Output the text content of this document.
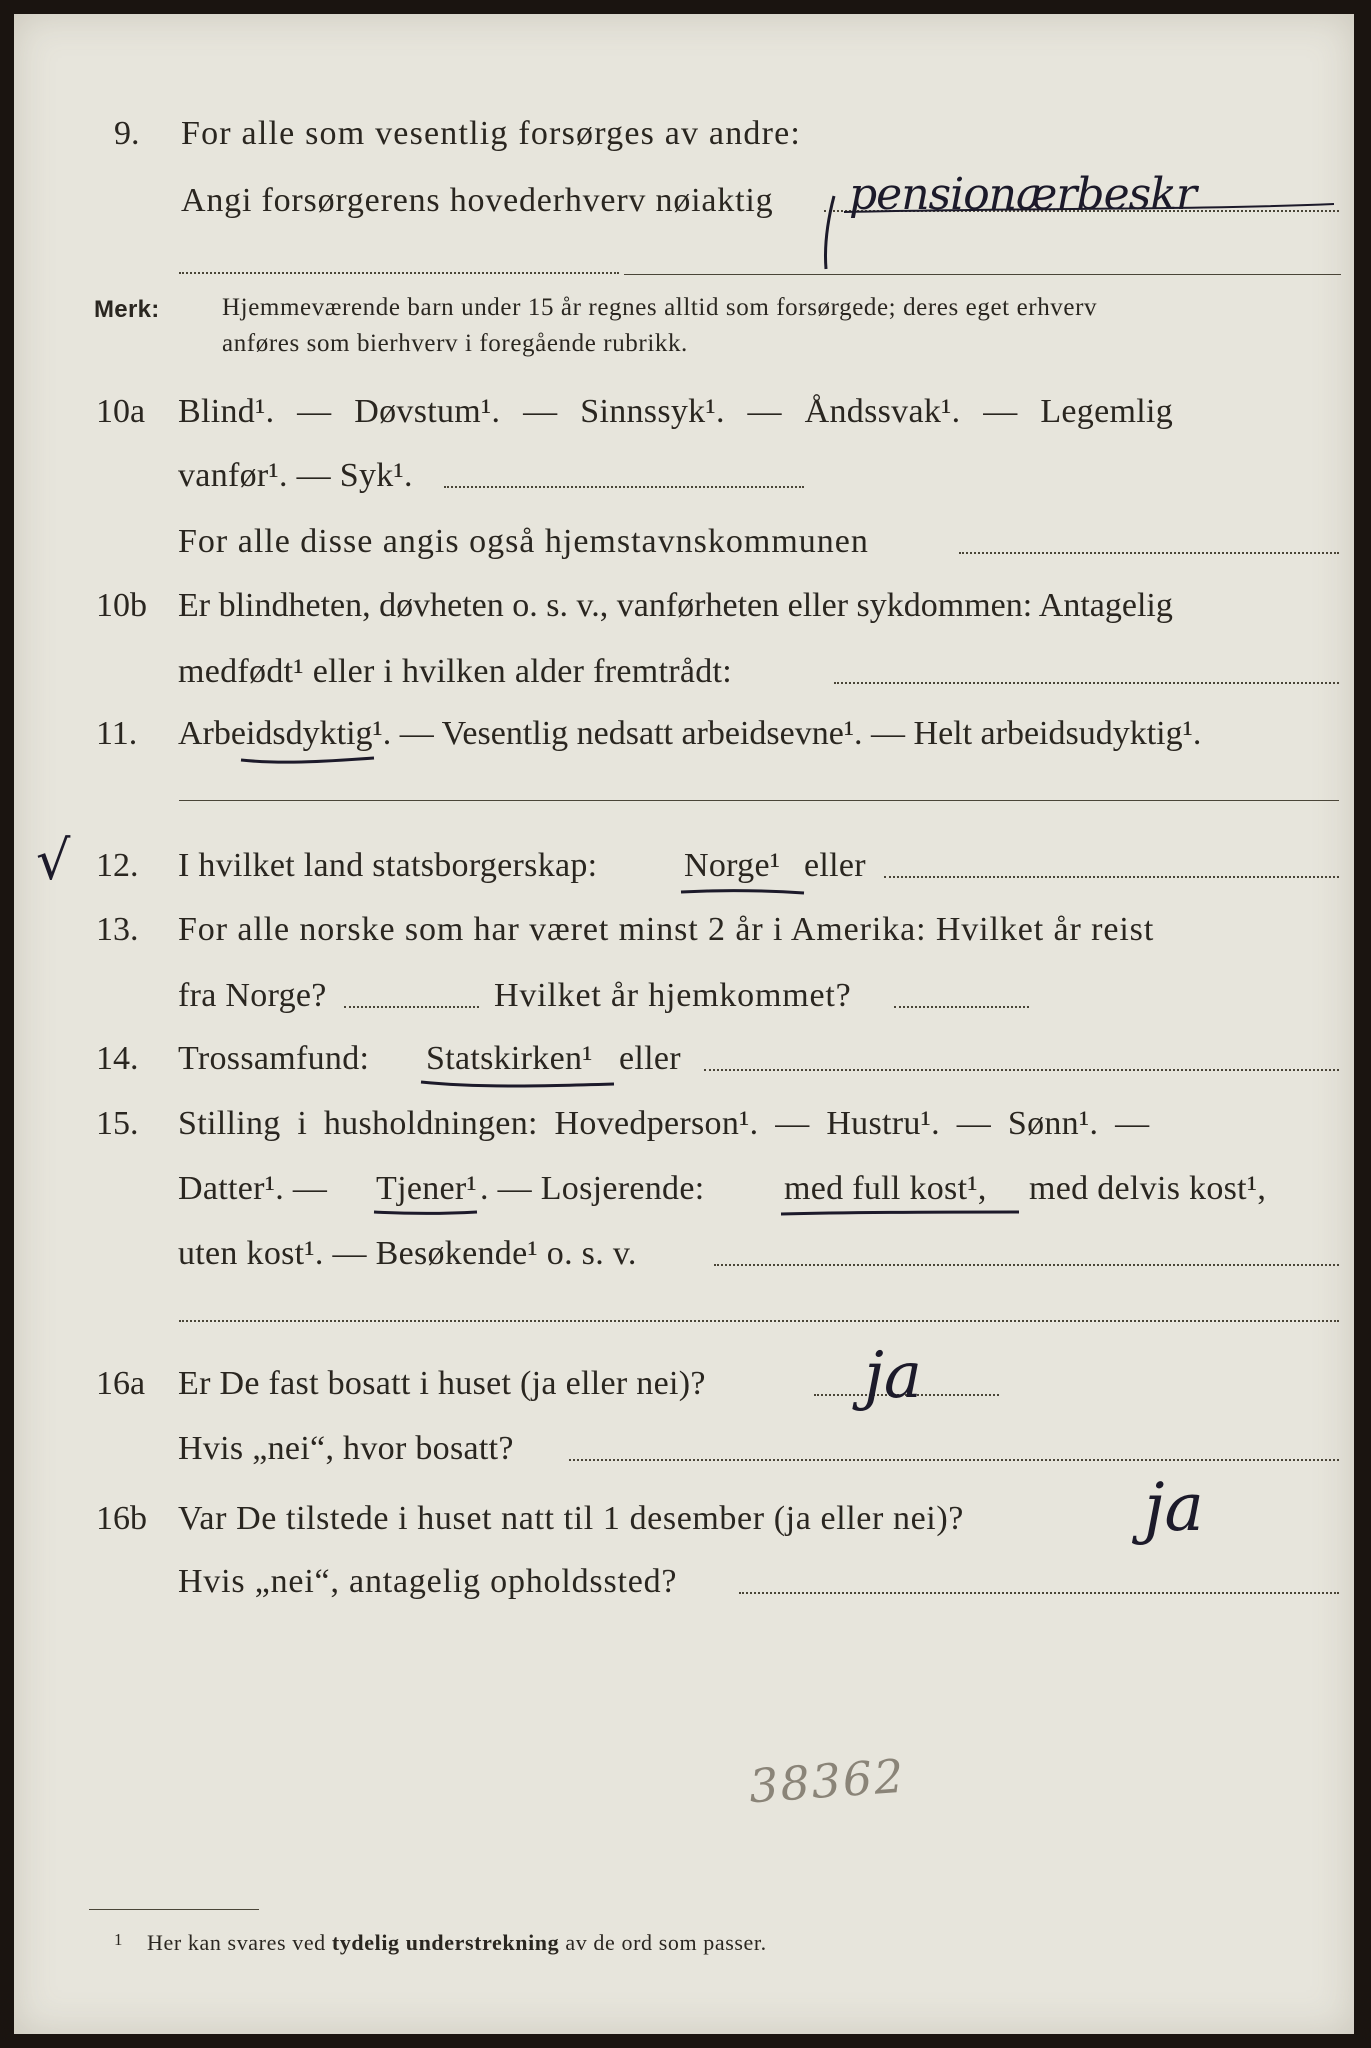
9. For alle som vesentlig forsørges av andre:
Angi forsørgerens hovederhverv nøiaktig pensionærbeskr
Merk: Hjemmeværende barn under 15 år regnes alltid som forsørgede; deres eget erhverv
anføres som bierhverv i foregående rubrikk.
10a Blind¹. — Døvstum¹. — Sinnssyk¹. — Åndssvak¹. — Legemlig
vanfør¹. — Syk¹.
For alle disse angis også hjemstavnskommunen
10b Er blindheten, døvheten o. s. v., vanførheten eller sykdommen: Antagelig
medfødt¹ eller i hvilken alder fremtrådt:
11. Arbeidsdyktig¹. — Vesentlig nedsatt arbeidsevne¹. — Helt arbeidsudyktig¹.
√ 12. I hvilket land statsborgerskap:	Norge¹ eller
13. For alle norske som har været minst 2 år i Amerika: Hvilket år reist
fra Norge?	Hvilket år hjemkommet?
14. Trossamfund: Statskirken¹ eller
15. Stilling i husholdningen: Hovedperson¹. — Hustru¹. — Sønn¹. —
Datter¹. — Tjener¹ . — Losjerende: med full kost¹, med delvis kost¹,
uten kost¹. — Besøkende¹ o. s. v.
16a Er De fast bosatt i huset (ja eller nei)? ja
Hvis „nei“, hvor bosatt?
16b Var De tilstede i huset natt til 1 desember (ja eller nei)?	ja
Hvis „nei“, antagelig opholdssted?
38362
1 Her kan svares ved tydelig understrekning av de ord som passer.
